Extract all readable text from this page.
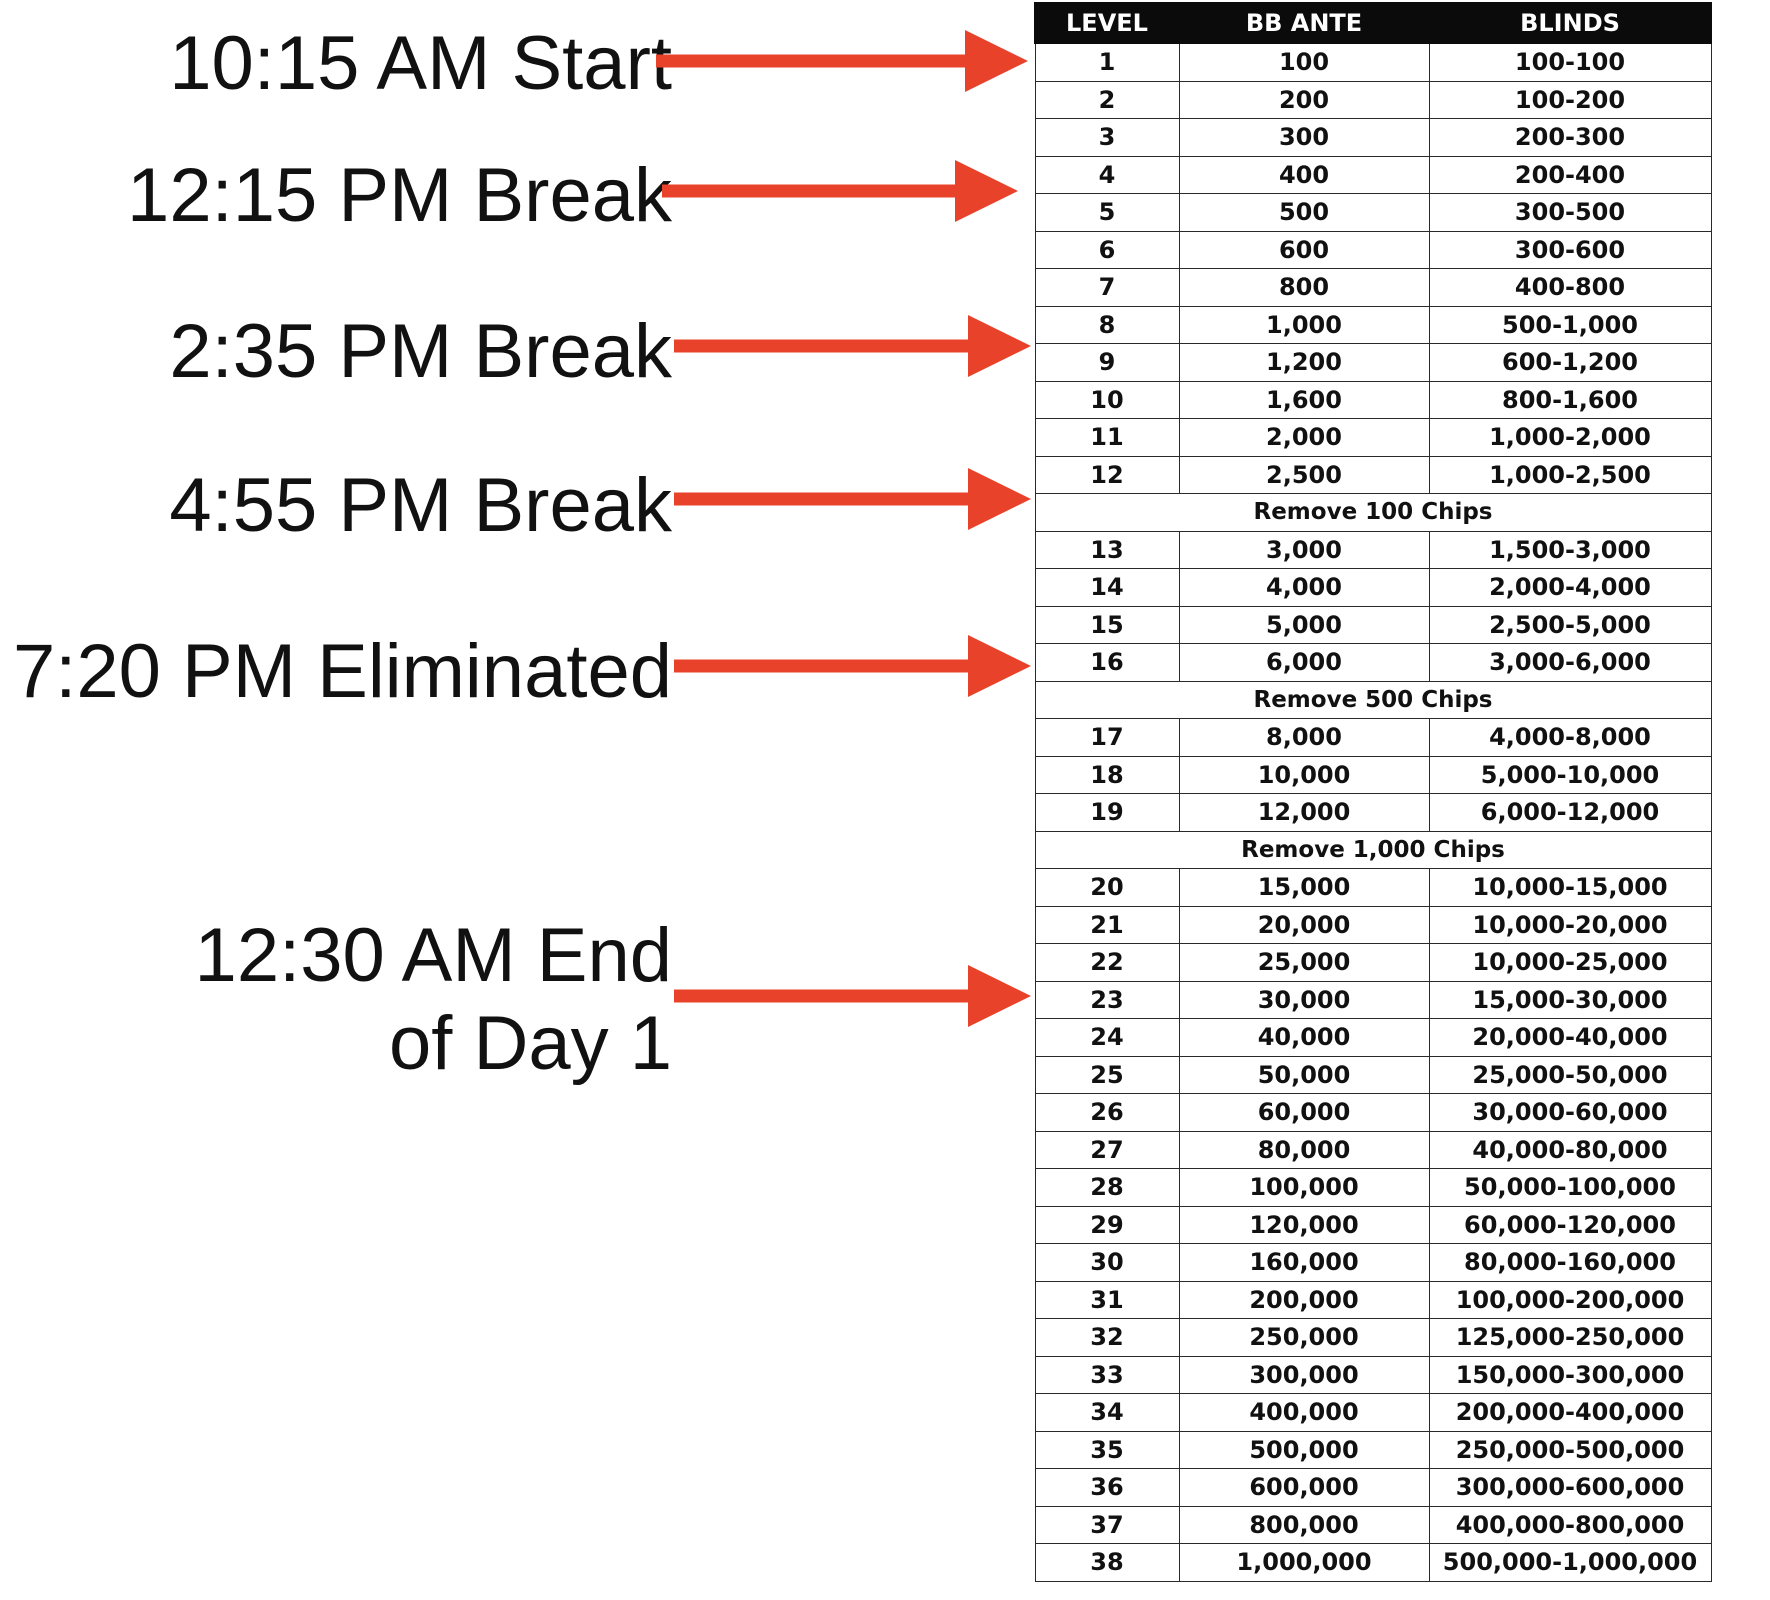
10:15 AM Start
12:15 PM Break
2:35 PM Break
4:55 PM Break
7:20 PM Eliminated
12:30 AM End
of Day 1
LEVEL	BB ANTE	BLINDS
1	100	100-100
2	200	100-200
3	300	200-300
4	400	200-400
5	500	300-500
6	600	300-600
7	800	400-800
8	1,000	500-1,000
9	1,200	600-1,200
10	1,600	800-1,600
11	2,000	1,000-2,000
12	2,500	1,000-2,500
Remove 100 Chips		
13	3,000	1,500-3,000
14	4,000	2,000-4,000
15	5,000	2,500-5,000
16	6,000	3,000-6,000
Remove 500 Chips		
17	8,000	4,000-8,000
18	10,000	5,000-10,000
19	12,000	6,000-12,000
Remove 1,000 Chips		
20	15,000	10,000-15,000
21	20,000	10,000-20,000
22	25,000	10,000-25,000
23	30,000	15,000-30,000
24	40,000	20,000-40,000
25	50,000	25,000-50,000
26	60,000	30,000-60,000
27	80,000	40,000-80,000
28	100,000	50,000-100,000
29	120,000	60,000-120,000
30	160,000	80,000-160,000
31	200,000	100,000-200,000
32	250,000	125,000-250,000
33	300,000	150,000-300,000
34	400,000	200,000-400,000
35	500,000	250,000-500,000
36	600,000	300,000-600,000
37	800,000	400,000-800,000
38	1,000,000	500,000-1,000,000
